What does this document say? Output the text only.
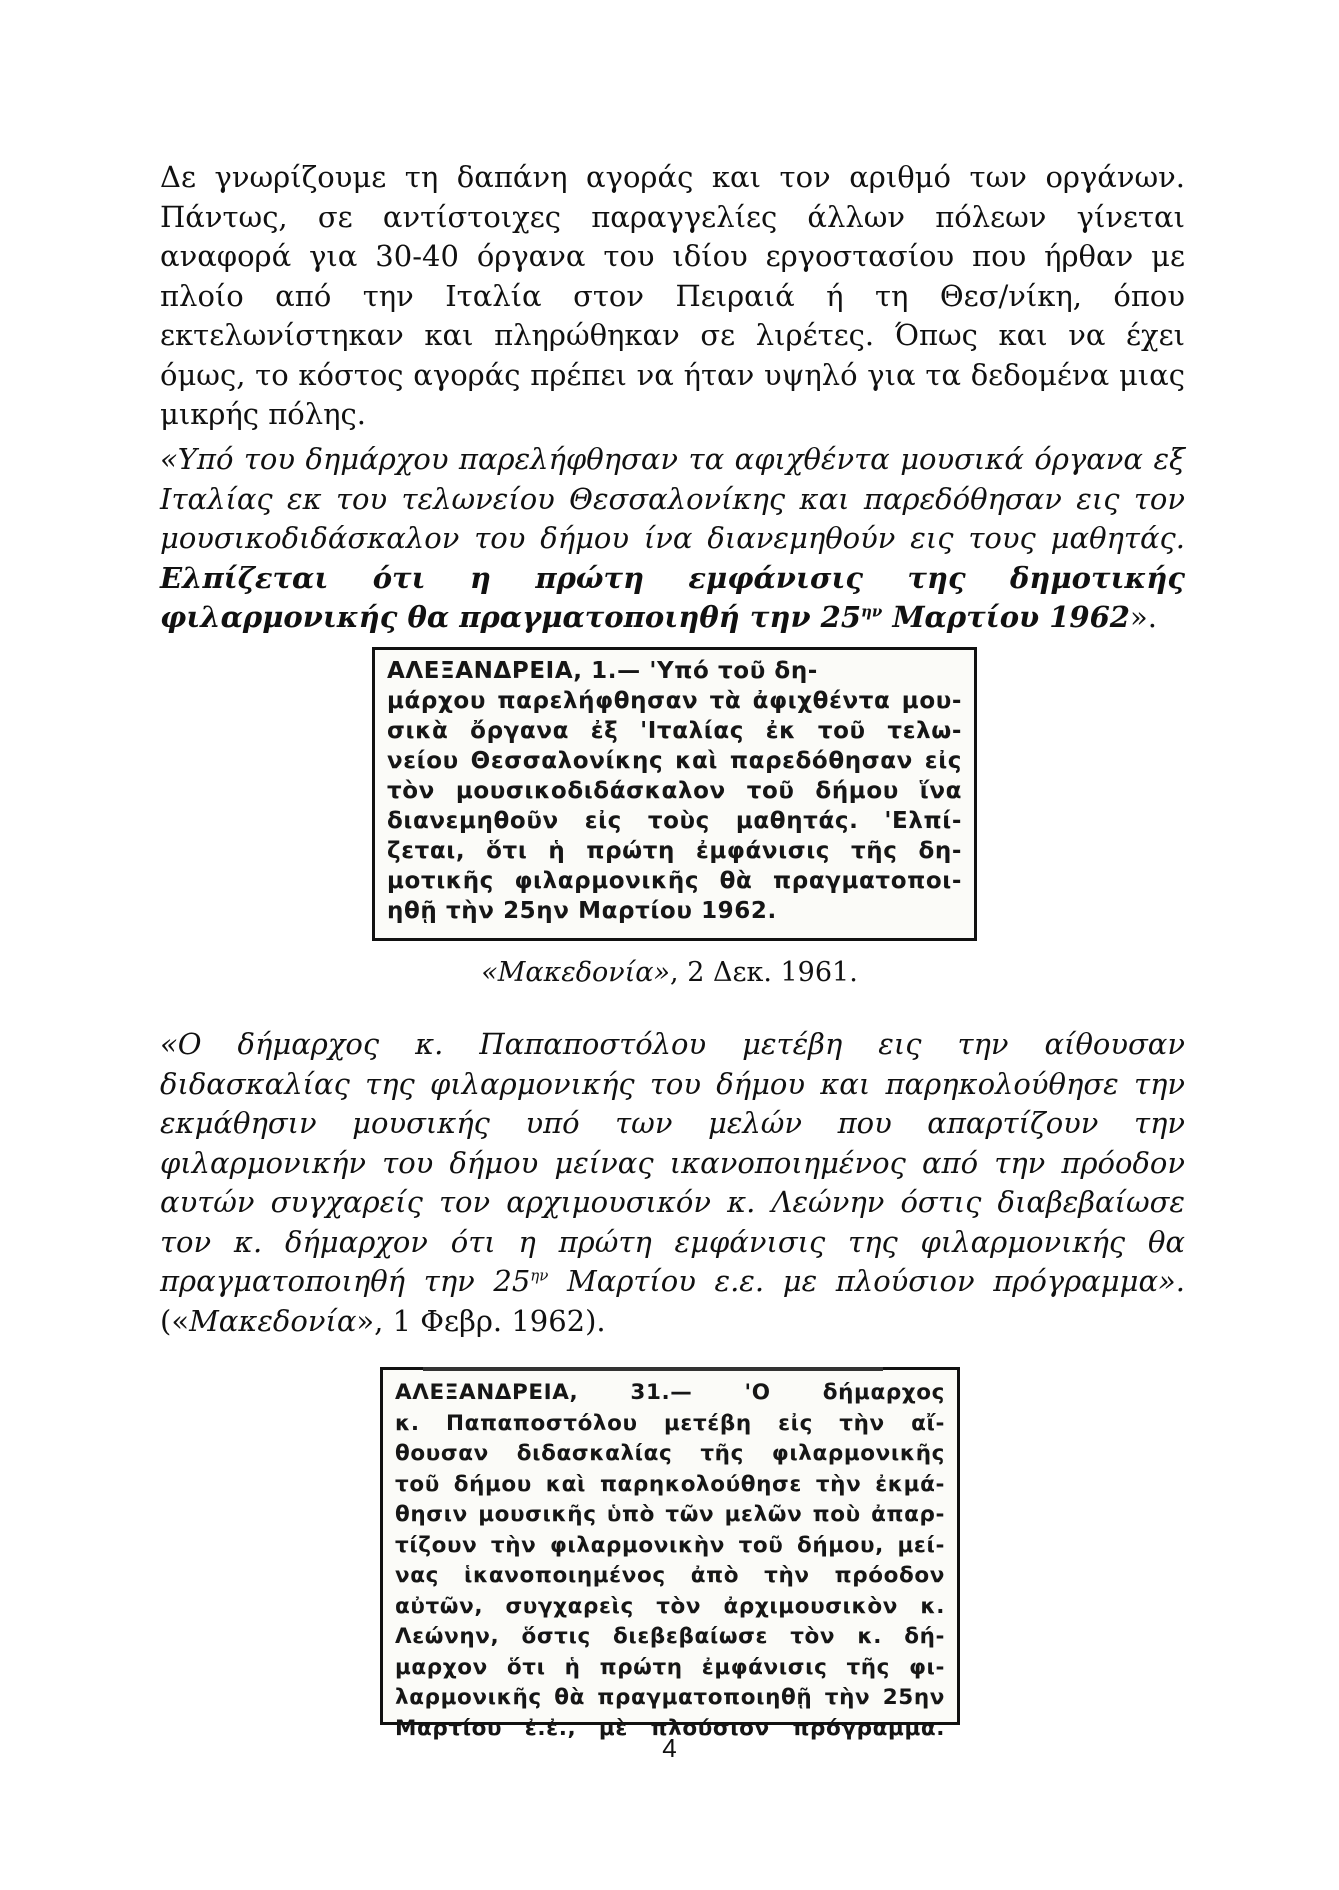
Δε γνωρίζουμε τη δαπάνη αγοράς και τον αριθμό των οργάνων. Πάντως, σε αντίστοιχες παραγγελίες άλλων πόλεων γίνεται αναφορά για 30-40 όργανα του ιδίου εργοστασίου που ήρθαν με πλοίο από την Ιταλία στον Πειραιά ή τη Θεσ/νίκη, όπου εκτελωνίστηκαν και πληρώθηκαν σε λιρέτες. Όπως και να έχει όμως, το κόστος αγοράς πρέπει να ήταν υψηλό για τα δεδομένα μιας μικρής πόλης.

«Υπό του δημάρχου παρελήφθησαν τα αφιχθέντα μουσικά όργανα εξ Ιταλίας εκ του τελωνείου Θεσσαλονίκης και παρεδόθησαν εις τον μουσικοδιδάσκαλον του δήμου ίνα διανεμηθούν εις τους μαθητάς. Ελπίζεται ότι η πρώτη εμφάνισις της δημοτικής φιλαρμονικής θα πραγματοποιηθή την $25^{\eta\nu}$ Μαρτίου 1962».

ΑΛΕΞΑΝΔΡΕΙΑ, 1.— 'Υπό τοῦ δη-
μάρχου παρελήφθησαν τὰ ἀφιχθέντα μου-
σικὰ ὄργανα ἐξ 'Ιταλίας ἐκ τοῦ τελω-
νείου Θεσσαλονίκης καὶ παρεδόθησαν εἰς
τὸν μουσικοδιδάσκαλον τοῦ δήμου ἵνα
διανεμηθοῦν εἰς τοὺς μαθητάς. 'Ελπί-
ζεται, ὅτι ἡ πρώτη ἐμφάνισις τῆς δη-
μοτικῆς φιλαρμονικῆς θὰ πραγματοποι-
ηθῇ τὴν 25ην Μαρτίου 1962.
«Μακεδονία», 2 Δεκ. 1961.

«Ο δήμαρχος κ. Παπαποστόλου μετέβη εις την αίθουσαν διδασκαλίας της φιλαρμονικής του δήμου και παρηκολούθησε την εκμάθησιν μουσικής υπό των μελών που απαρτίζουν την φιλαρμονικήν του δήμου μείνας ικανοποιημένος από την πρόοδον αυτών συγχαρείς τον αρχιμουσικόν κ. Λεώνην όστις διαβεβαίωσε τον κ. δήμαρχον ότι η πρώτη εμφάνισις της φιλαρμονικής θα πραγματοποιηθή την $25^{\eta\nu}$ Μαρτίου ε.ε. με πλούσιον πρόγραμμα». («Μακεδονία», 1 Φεβρ. 1962).

ΑΛΕΞΑΝΔΡΕΙΑ, 31.— 'Ο δήμαρχος
κ. Παπαποστόλου μετέβη εἰς τὴν αἴ-
θουσαν διδασκαλίας τῆς φιλαρμονικῆς
τοῦ δήμου καὶ παρηκολούθησε τὴν ἐκμά-
θησιν μουσικῆς ὑπὸ τῶν μελῶν ποὺ ἀπαρ-
τίζουν τὴν φιλαρμονικὴν τοῦ δήμου, μεί-
νας ἱκανοποιημένος ἀπὸ τὴν πρόοδον
αὐτῶν, συγχαρεὶς τὸν ἀρχιμουσικὸν κ.
Λεώνην, ὅστις διεβεβαίωσε τὸν κ. δή-
μαρχον ὅτι ἡ πρώτη ἐμφάνισις τῆς φι-
λαρμονικῆς θὰ πραγματοποιηθῇ τὴν 25ην
Μαρτίου ἐ.ἐ., μὲ πλούσιον πρόγραμμα.
4
